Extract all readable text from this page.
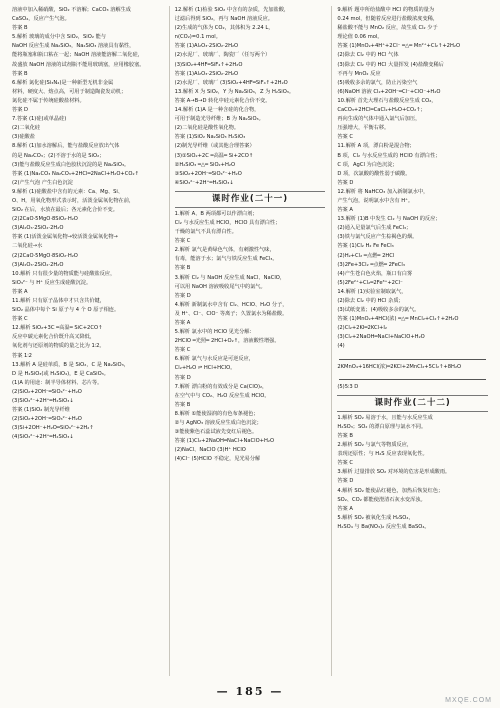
溶液中加入稀硝酸，SiO₂ 不溶解；CaCO₃ 溶解生成
CaSO₄，反应产生气泡。
答案 B
5.解析 玻璃的成分中含 SiO₂，SiO₂ 能与
NaOH 反应生成 Na₂SiO₃，Na₂SiO₃ 溶液具有黏性，
能将瓶塞和瓶口粘在一起；NaOH 溶液能溶解二氧化硅，
故盛放 NaOH 溶液的试剂瓶不能用玻璃塞，应用橡胶塞。
答案 B
6.解析 氮化硅(Si₃N₄)是一种新型无机非金属
材料，硬度大、熔点高，可用于制造陶瓷发动机；
氮化硅不属于传统硅酸盐材料。
答案 D
7.答案 (1)硅(或单晶硅)
(2)二氧化硅
(3)硅酸盐
8.解析 (1)加水溶解后，能与盐酸反应放出气体
的是 Na₂CO₃；(2)不溶于水的是 SiO₂；
(3)能与盐酸反应生成白色胶状沉淀的是 Na₂SiO₃。
答案 (1)Na₂CO₃ Na₂CO₃+2HCl═2NaCl+H₂O+CO₂↑
(2)产生气泡 产生白色沉淀
9.解析 (1)硅酸盐中含有的元素：Ca、Mg、Si、
O、H，用氧化物形式表示时，活泼金属氧化物在前，
SiO₂ 在后，水放在最后；各元素化合价不变。
(2)2CaO·5MgO·8SiO₂·H₂O
(3)Al₂O₃·2SiO₂·2H₂O
答案 (1)活泼金属氧化物→较活泼金属氧化物→
二氧化硅→水
(2)2CaO·5MgO·8SiO₂·H₂O
(3)Al₂O₃·2SiO₂·2H₂O
10.解析 只有很少量的物质能与硅酸盐反应，
SiO₃²⁻ 与 H⁺ 反应生成硅酸沉淀。
答案 A
11.解析 只有原子晶体中才只含共价键，
SiO₂ 晶体中每个 Si 原子与 4 个 O 原子相连。
答案 C
12.解析 SiO₂+3C ═高温═ SiC+2CO↑
反应中碳元素化合价既升高又降低，
氧化剂与还原剂的物质的量之比为 1∶2。
答案 1∶2
13.解析 A 是硅单质，B 是 SiO₂，C 是 Na₂SiO₃，
D 是 H₂SiO₃(或 H₄SiO₄)，E 是 CaSiO₃。
(1)A 的用途：制半导体材料、芯片等。
(2)SiO₂+2OH⁻═SiO₃²⁻+H₂O
(3)SiO₃²⁻+2H⁺═H₂SiO₃↓
答案 (1)SiO₂ 制光导纤维
(2)SiO₂+2OH⁻═SiO₃²⁻+H₂O
(3)Si+2OH⁻+H₂O═SiO₃²⁻+2H₂↑
(4)SiO₃²⁻+2H⁺═H₂SiO₃↓
12.解析 (1)检验 SiO₂ 中含有的杂质，先加盐酸，
过滤后得到 SiO₂，再与 NaOH 溶液反应。
(2)生成的气体为 CO₂，其体积为 2.24 L，
n(CO₂)=0.1 mol。
答案 (1)Al₂O₃·2SiO₂·2H₂O
(2)水泥厂、玻璃厂、陶瓷厂（任写两个）
(3)SiO₂+4HF═SiF₄↑+2H₂O
答案 (1)Al₂O₃·2SiO₂·2H₂O
(2)水泥厂、玻璃厂 (3)SiO₂+4HF═SiF₄↑+2H₂O
13.解析 X 为 SiO₂，Y 为 Na₂SiO₃，Z 为 H₂SiO₃。
答案 A→B→D 转化中硅元素化合价不变。
14.解析 (1)A 是一种含硅的化合物，
可用于制造光导纤维；B 为 Na₂SiO₃。
(2)二氧化硅是酸性氧化物。
答案 (1)SiO₂ Na₂SiO₃ H₂SiO₃
(2)制光导纤维（或其他合理答案）
(3)①SiO₂+2C ═高温═ Si+2CO↑
②H₂SiO₃ ═△═ SiO₂+H₂O
③SiO₂+2OH⁻═SiO₃²⁻+H₂O
④SiO₃²⁻+2H⁺═H₂SiO₃↓
课时作业(二十一)
1.解析 A、B 两项都可以作漂白剂；
Cl₂ 与水反应生成 HClO，HClO 具有漂白性；
干燥的氯气不具有漂白性。
答案 C
2.解析 氯气是黄绿色气体，有刺激性气味，
有毒，能溶于水；氯气与铁反应生成 FeCl₃。
答案 B
3.解析 Cl₂ 与 NaOH 反应生成 NaCl、NaClO，
可以用 NaOH 溶液吸收尾气中的氯气。
答案 D
4.解析 新制氯水中含有 Cl₂、HClO、H₂O 分子，
及 H⁺、Cl⁻、ClO⁻ 等离子；久置氯水为稀盐酸。
答案 A
5.解析 氯水中的 HClO 见光分解：
2HClO ═光照═ 2HCl+O₂↑，溶液酸性增强。
答案 C
6.解析 氯气与水反应是可逆反应，
Cl₂+H₂O ⇌ HCl+HClO。
答案 D
7.解析 漂白粉的有效成分是 Ca(ClO)₂，
在空气中与 CO₂、H₂O 反应生成 HClO。
答案 B
8.解析 ①能使湿润的有色布条褪色；
②与 AgNO₃ 溶液反应生成白色沉淀；
③能使紫色石蕊试液先变红后褪色。
答案 (1)Cl₂+2NaOH═NaCl+NaClO+H₂O
(2)NaCl、NaClO (3)H⁺ HClO
(4)Cl⁻ (5)HClO 不稳定，见光易分解
9.解析 题中所给盐酸中 HCl 的物质的量为
0.24 mol，但随着反应进行盐酸浓度变稀，
稀盐酸不能与 MnO₂ 反应，故生成 Cl₂ 少于
理论值 0.06 mol。
答案 (1)MnO₂+4H⁺+2Cl⁻ ═△═ Mn²⁺+Cl₂↑+2H₂O
(2)除去 Cl₂ 中的 HCl 气体
(3)除去 Cl₂ 中的 HCl 大量挥发 (4)盐酸变稀后
不再与 MnO₂ 反应
(5)吸收多余的氯气，防止污染空气
(6)NaOH 溶液 Cl₂+2OH⁻═Cl⁻+ClO⁻+H₂O
10.解析 首先大理石与盐酸反应生成 CO₂，
CaCO₃+2HCl═CaCl₂+H₂O+CO₂↑；
再向生成的气体中通入氯气后加压，
压强增大，平衡右移。
答案 C
11.解析 A 项，漂白粉是混合物；
B 项，Cl₂ 与水反应生成的 HClO 有漂白性；
C 项，AgCl 为白色沉淀；
D 项，次氯酸的酸性弱于碳酸。
答案 D
12.解析 将 NaHCO₃ 加入新制氯水中，
产生气泡，说明氯水中含有 H⁺。
答案 A
13.解析 (1)B 中发生 Cl₂ 与 NaOH 的反应；
(2)通入足量氯气后生成 FeCl₃；
(3)铁与氯气反应产生棕褐色的烟。
答案 (1)Cl₂ H₂ Fe FeCl₃
(2)H₂+Cl₂ ═点燃═ 2HCl
(3)2Fe+3Cl₂ ═点燃═ 2FeCl₃
(4)产生苍白色火焰，瓶口有白雾
(5)2Fe²⁺+Cl₂═2Fe³⁺+2Cl⁻
14.解析 (1)实验室制取氯气，
(2)除去 Cl₂ 中的 HCl 杂质；
(3)试纸变蓝；(4)吸收多余的氯气。
答案 (1)MnO₂+4HCl(浓) ═△═ MnCl₂+Cl₂↑+2H₂O
(2)Cl₂+2KI═2KCl+I₂
(3)Cl₂+2NaOH═NaCl+NaClO+H₂O
(4)
2KMnO₄+16HCl(浓)═2KCl+2MnCl₂+5Cl₂↑+8H₂O
(5)5∶3 D
课时作业(二十二)
1.解析 SO₂ 易溶于水，且能与水反应生成
H₂SO₃；SO₂ 的漂白原理与氯水不同。
答案 B
2.解析 SO₂ 与氯气等物质反应，
表现还原性；与 H₂S 反应表现氧化性。
答案 C
3.解析 过量排放 SO₂ 对环境的危害是形成酸雨。
答案 D
4.解析 SO₂ 能使品红褪色，加热后恢复红色；
SO₂、CO₂ 都能使澄清石灰水变浑浊。
答案 A
5.解析 SO₂ 被氧化生成 H₂SO₄，
H₂SO₄ 与 Ba(NO₃)₂ 反应生成 BaSO₄。
— 185 —
MXQE.COM
